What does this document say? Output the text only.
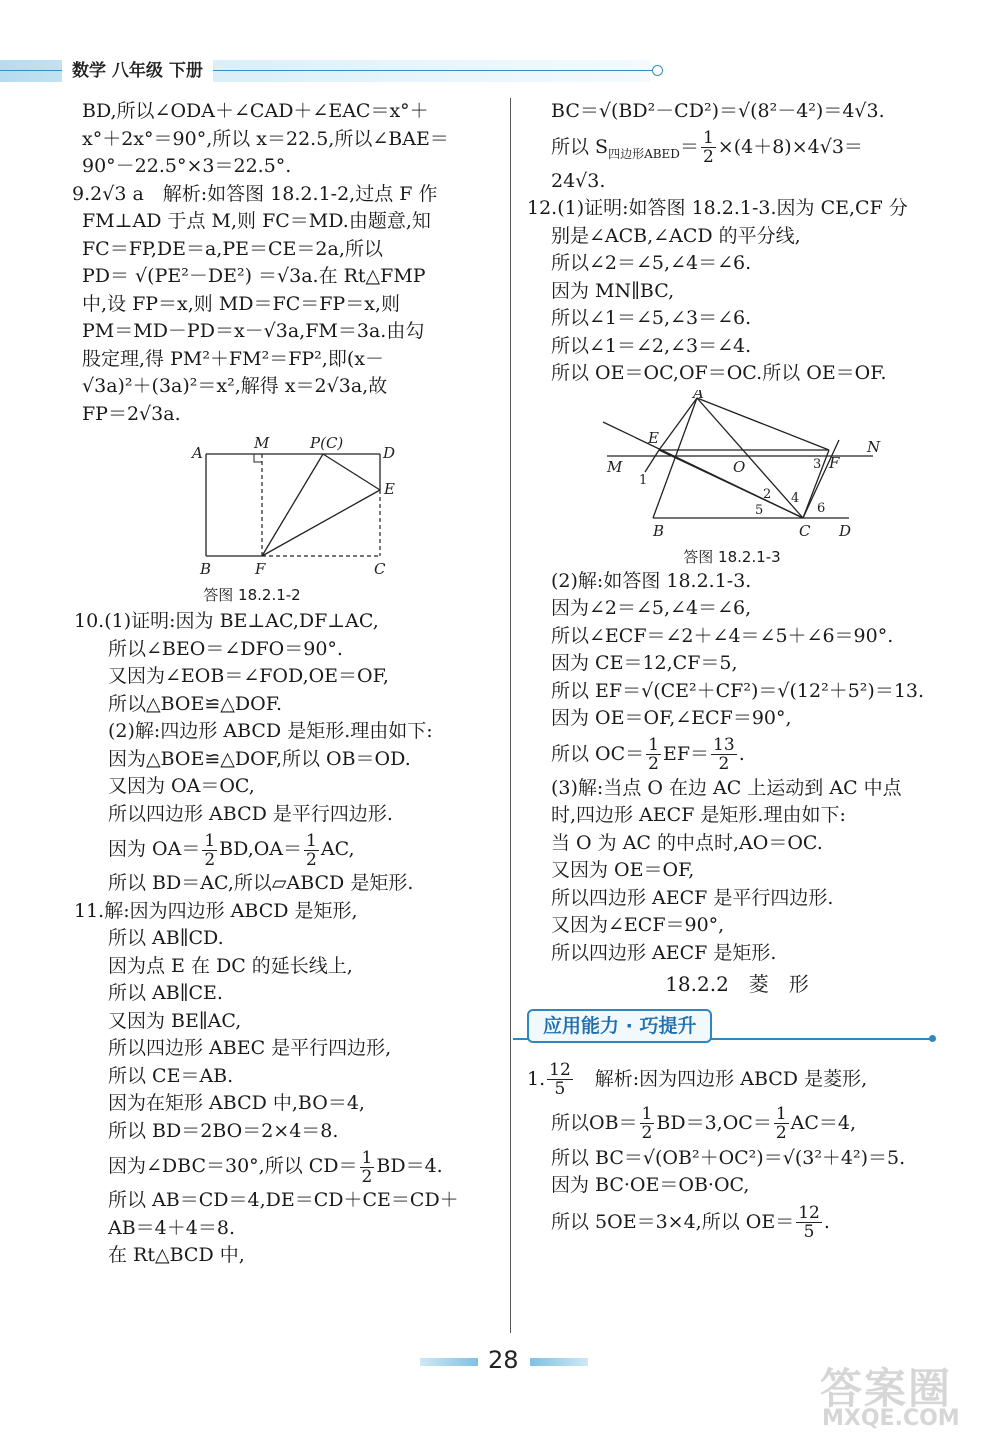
数学 八年级 下册
BD,所以∠ODA＋∠CAD＋∠EAC＝x°＋
x°＋2x°＝90°,所以 x＝22.5,所以∠BAE＝
90°－22.5°×3＝22.5°.
9.2√3 a　解析:如答图 18.2.1-2,过点 F 作
FM⊥AD 于点 M,则 FC＝MD.由题意,知
FC＝FP,DE＝a,PE＝CE＝2a,所以
PD＝ √(PE²－DE²) ＝√3a.在 Rt△FMP
中,设 FP＝x,则 MD＝FC＝FP＝x,则
PM＝MD－PD＝x－√3a,FM＝3a.由勾
股定理,得 PM²＋FM²＝FP²,即(x－
√3a)²＋(3a)²＝x²,解得 x＝2√3a,故
FP＝2√3a.
A
M	P(C)
D
E
B	F	C
答图 18.2.1-2
10.(1)证明:因为 BE⊥AC,DF⊥AC,
所以∠BEO＝∠DFO＝90°.
又因为∠EOB＝∠FOD,OE＝OF,
所以△BOE≌△DOF.
(2)解:四边形 ABCD 是矩形.理由如下:
因为△BOE≌△DOF,所以 OB＝OD.
又因为 OA＝OC,
所以四边形 ABCD 是平行四边形.
因为 $OA= \frac{1}{2} BD,OA= \frac{1}{2}$ AC,
所以 BD＝AC,所以▱ABCD 是矩形.
11.解:因为四边形 ABCD 是矩形,
所以 AB∥CD.
因为点 E 在 DC 的延长线上,
所以 AB∥CE.
又因为 BE∥AC,
所以四边形 ABEC 是平行四边形,
所以 CE＝AB.
因为在矩形 ABCD 中,BO＝4,
所以 BD＝2BO＝2×4＝8.
因为∠DBC＝30°,所以 $CD= \frac{1}{2} BD=4$.
所以 AB＝CD＝4,DE＝CD＋CE＝CD＋
AB＝4＋4＝8.
在 Rt△BCD 中,
BC＝√(BD²－CD²)＝√(8²－4²)＝4√3.
所以 $S_{四边形ABED}= \frac{1}{2} \times(4+8)\times 4√3=$
24√3.
12.(1)证明:如答图 18.2.1-3.因为 CE,CF 分
别是∠ACB,∠ACD 的平分线,
所以∠2＝∠5,∠4＝∠6.
因为 MN∥BC,
所以∠1＝∠5,∠3＝∠6.
所以∠1＝∠2,∠3＝∠4.
所以 OE＝OC,OF＝OC.所以 OE＝OF.
A
E	N
M	O	F
B	C D
1
2
3
4
5	6
答图 18.2.1-3
(2)解:如答图 18.2.1-3.
因为∠2＝∠5,∠4＝∠6,
所以∠ECF＝∠2＋∠4＝∠5＋∠6＝90°.
因为 CE＝12,CF＝5,
所以 EF＝√(CE²＋CF²)＝√(12²＋5²)＝13.
因为 OE＝OF,∠ECF＝90°,
所以 $OC= \frac{1}{2} EF= \frac{13}{2}$ .
(3)解:当点 O 在边 AC 上运动到 AC 中点
时,四边形 AECF 是矩形.理由如下:
当 O 为 AC 的中点时,AO＝OC.
又因为 OE＝OF,
所以四边形 AECF 是平行四边形.
又因为∠ECF＝90°,
所以四边形 AECF 是矩形.
18.2.2　菱　形
应用能力 · 巧提升
1. $\frac{12}{5}$ 解析:因为四边形 ABCD 是菱形,
所以$OB= \frac{1}{2} BD=3,OC= \frac{1}{2} AC=4$,
所以 BC＝√(OB²＋OC²)＝√(3²＋4²)＝5.
因为 BC·OE＝OB·OC,
所以 5OE＝3×4,所以 $OE= \frac{12}{5}$ .
28
答案圈
MXQE.COM
